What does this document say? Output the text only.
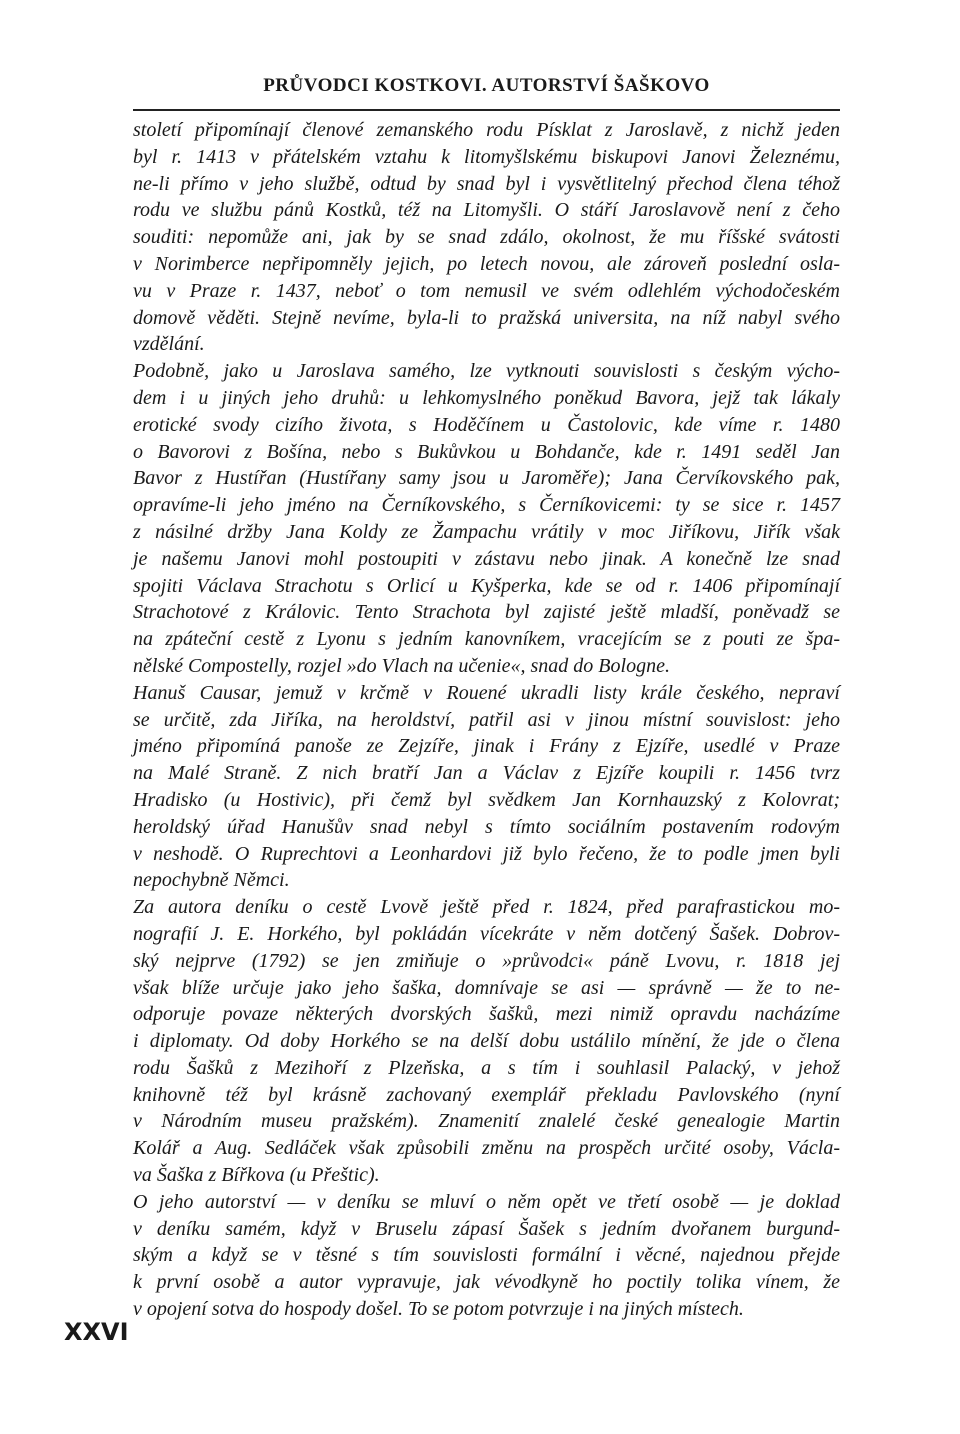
PRŮVODCI KOSTKOVI. AUTORSTVÍ ŠAŠKOVO
století připomínají členové zemanského rodu Písklat z Jaroslavě, z nichž jeden
byl r. 1413 v přátelském vztahu k litomyšlskému biskupovi Janovi Železnému,
ne-li přímo v jeho službě, odtud by snad byl i vysvětlitelný přechod člena téhož
rodu ve službu pánů Kostků, též na Litomyšli. O stáří Jaroslavově není z čeho
souditi: nepomůže ani, jak by se snad zdálo, okolnost, že mu říšské svátosti
v Norimberce nepřipomněly jejich, po letech novou, ale zároveň poslední osla-
vu v Praze r. 1437, neboť o tom nemusil ve svém odlehlém východočeském
domově věděti. Stejně nevíme, byla-li to pražská universita, na níž nabyl svého
vzdělání.
Podobně, jako u Jaroslava samého, lze vytknouti souvislosti s českým výcho-
dem i u jiných jeho druhů: u lehkomyslného poněkud Bavora, jejž tak lákaly
erotické svody cizího života, s Hoděčínem u Častolovic, kde víme r. 1480
o Bavorovi z Bošína, nebo s Bukůvkou u Bohdanče, kde r. 1491 seděl Jan
Bavor z Hustířan (Hustířany samy jsou u Jaroměře); Jana Červíkovského pak,
opravíme-li jeho jméno na Černíkovského, s Černíkovicemi: ty se sice r. 1457
z násilné držby Jana Koldy ze Žampachu vrátily v moc Jiříkovu, Jiřík však
je našemu Janovi mohl postoupiti v zástavu nebo jinak. A konečně lze snad
spojiti Václava Strachotu s Orlicí u Kyšperka, kde se od r. 1406 připomínají
Strachotové z Královic. Tento Strachota byl zajisté ještě mladší, poněvadž se
na zpáteční cestě z Lyonu s jedním kanovníkem, vracejícím se z pouti ze špa-
nělské Compostelly, rozjel »do Vlach na učenie«, snad do Bologne.
Hanuš Causar, jemuž v krčmě v Rouené ukradli listy krále českého, nepraví
se určitě, zda Jiříka, na heroldství, patřil asi v jinou místní souvislost: jeho
jméno připomíná panoše ze Zejzíře, jinak i Frány z Ejzíře, usedlé v Praze
na Malé Straně. Z nich bratří Jan a Václav z Ejzíře koupili r. 1456 tvrz
Hradisko (u Hostivic), při čemž byl svědkem Jan Kornhauzský z Kolovrat;
heroldský úřad Hanušův snad nebyl s tímto sociálním postavením rodovým
v neshodě. O Ruprechtovi a Leonhardovi již bylo řečeno, že to podle jmen byli
nepochybně Němci.
Za autora deníku o cestě Lvově ještě před r. 1824, před parafrastickou mo-
nografií J. E. Horkého, byl pokládán vícekráte v něm dotčený Šašek. Dobrov-
ský nejprve (1792) se jen zmiňuje o »průvodci« páně Lvovu, r. 1818 jej
však blíže určuje jako jeho šaška, domnívaje se asi — správně — že to ne-
odporuje povaze některých dvorských šašků, mezi nimiž opravdu nacházíme
i diplomaty. Od doby Horkého se na delší dobu ustálilo mínění, že jde o člena
rodu Šašků z Mezihoří z Plzeňska, a s tím i souhlasil Palacký, v jehož
knihovně též byl krásně zachovaný exemplář překladu Pavlovského (nyní
v Národním museu pražském). Znamenití znalelé české genealogie Martin
Kolář a Aug. Sedláček však způsobili změnu na prospěch určité osoby, Václa-
va Šaška z Bířkova (u Přeštic).
O jeho autorství — v deníku se mluví o něm opět ve třetí osobě — je doklad
v deníku samém, když v Bruselu zápasí Šašek s jedním dvořanem burgund-
ským a když se v těsné s tím souvislosti formální i věcné, najednou přejde
k první osobě a autor vypravuje, jak vévodkyně ho poctily tolika vínem, že
v opojení sotva do hospody došel. To se potom potvrzuje i na jiných místech.
XXVI
